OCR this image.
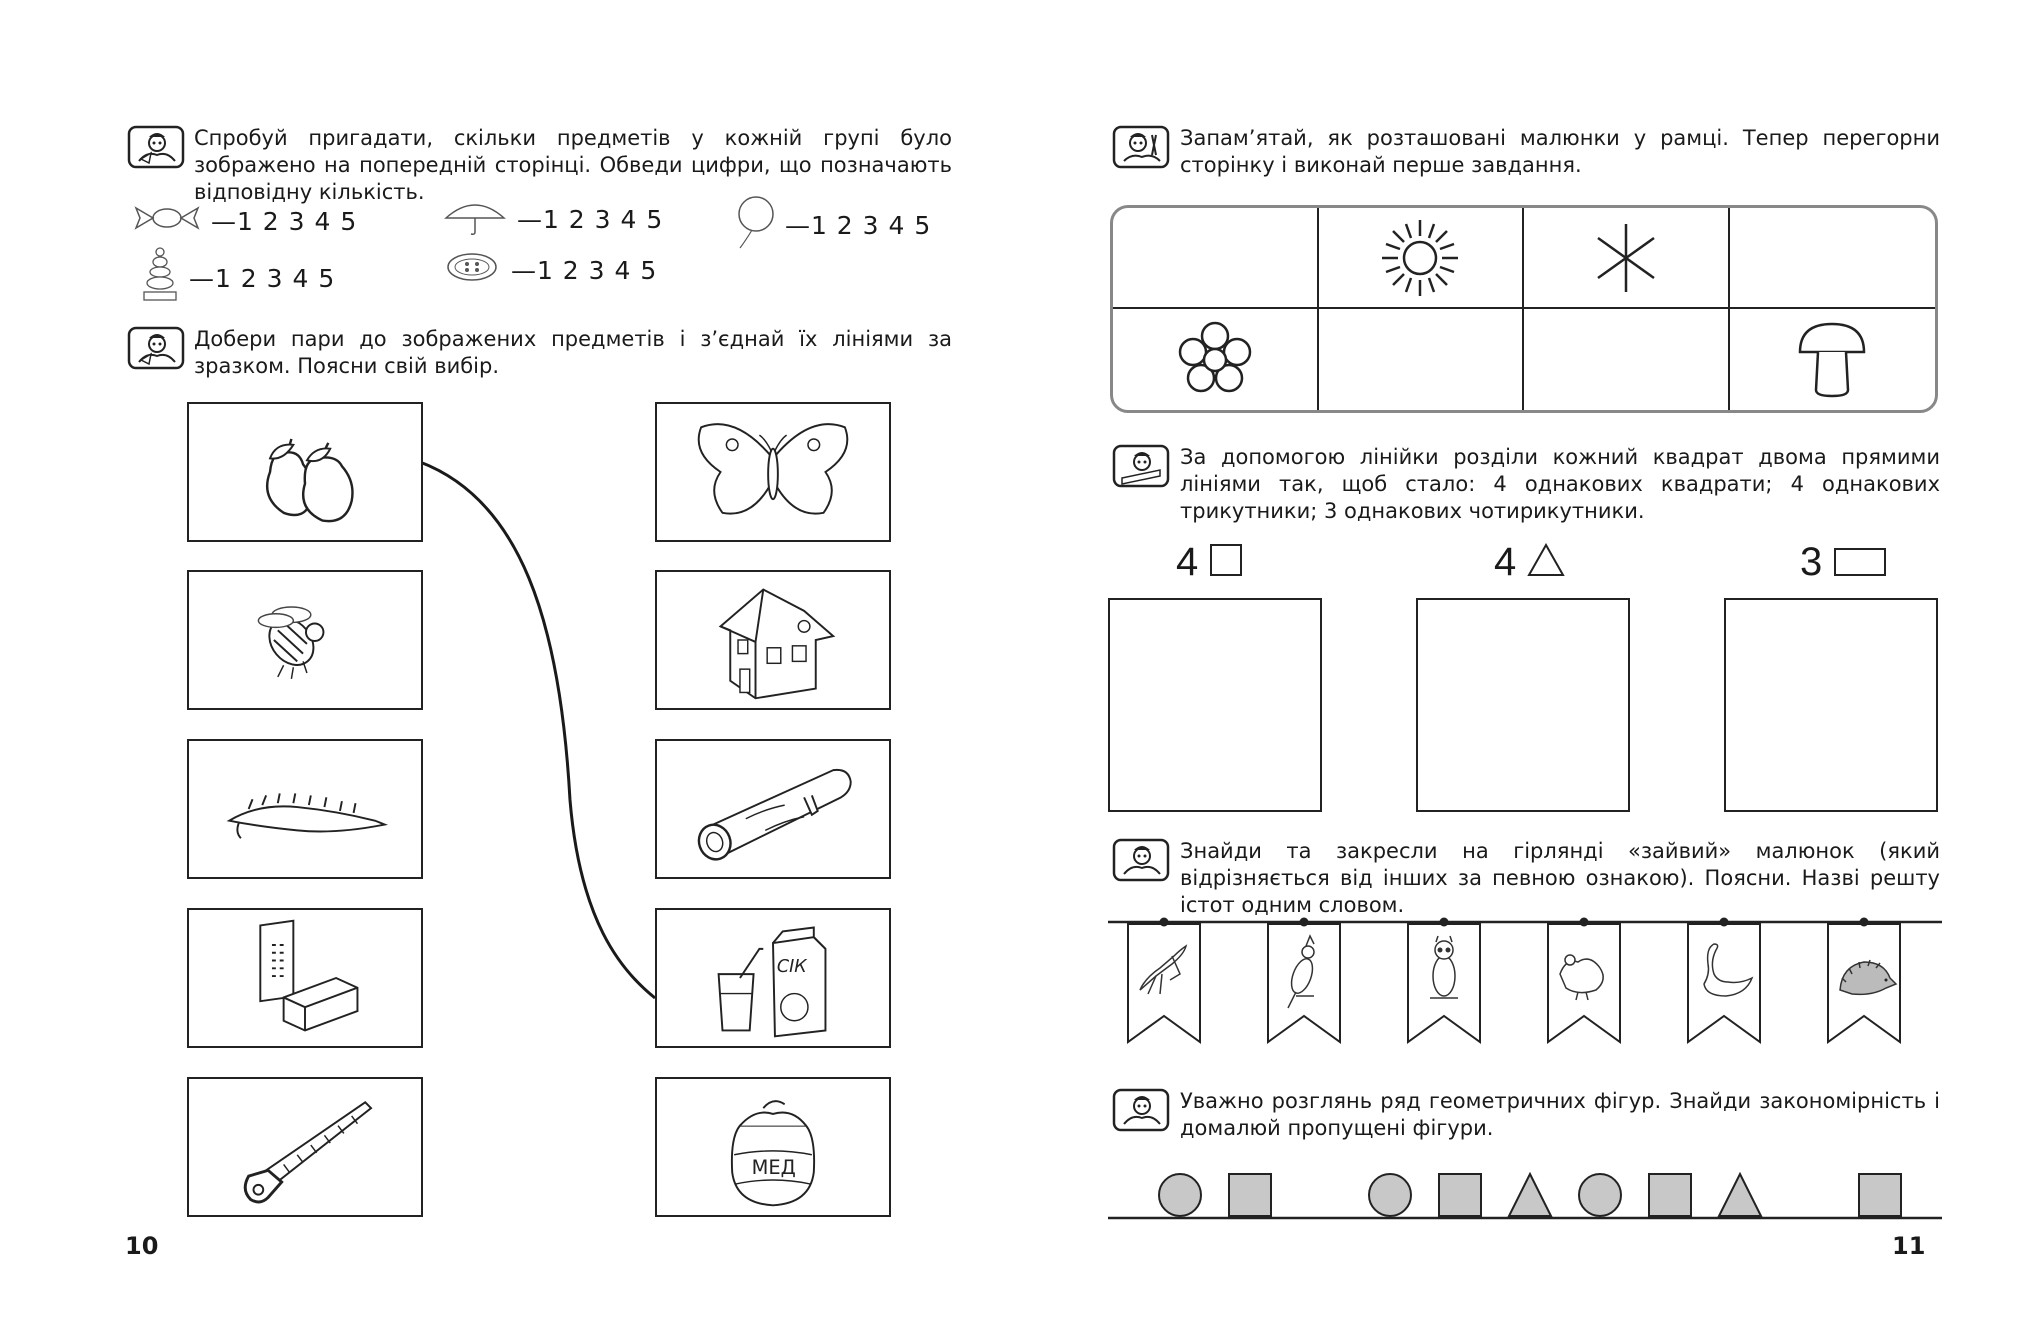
Спробуй пригадати, скільки предметів у кожній групі було зображено на попередній сторінці. Обведи цифри, що позначають відповідну кількість.
—1 2 3 4 5	—1 2 3 4 5	—1 2 3 4 5
—1 2 3 4 5	—1 2 3 4 5
Добери пари до зображених предметів і з’єднай їх лініями за зразком. Поясни свій вибір.
СІК
МЕД
10
Запам’ятай, як розташовані малюнки у рамці. Тепер перегорни сторінку і виконай перше завдання.
За допомогою лінійки розділи кожний квадрат двома прямими лініями так, щоб стало: 4 однакових квадрати; 4 однакових трикутники; 3 однакових чотирикутники.
4	4	3
Знайди та закресли на гірлянді «зайвий» малюнок (який відрізняється від інших за певною ознакою). Поясни. Назві решту істот одним словом.
Уважно розглянь ряд геометричних фігур. Знайди закономірність і домалюй пропущені фігури.
11
